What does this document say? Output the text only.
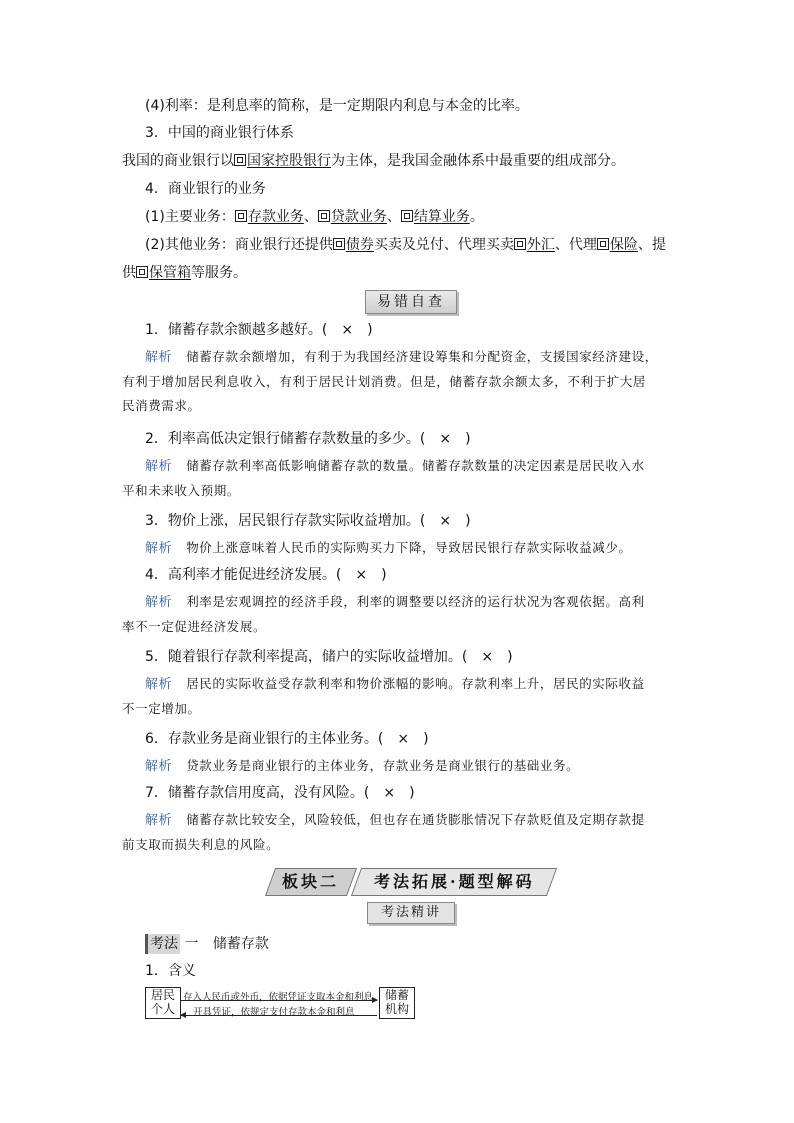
(4)利率：是利息率的简称，是一定期限内利息与本金的比率。
3．中国的商业银行体系
我国的商业银行以 国家控股银行为主体，是我国金融体系中最重要的组成部分。
4．商业银行的业务
(1)主要业务： 存款业务、 贷款业务、 结算业务。
(2)其他业务：商业银行还提供 债券买卖及兑付、代理买卖 外汇、代理 保险、提
供 保管箱等服务。
易错自查
1．储蓄存款余额越多越好。(　×　)
解析 储蓄存款余额增加，有利于为我国经济建设筹集和分配资金，支援国家经济建设，
有利于增加居民利息收入，有利于居民计划消费。但是，储蓄存款余额太多，不利于扩大居
民消费需求。
2．利率高低决定银行储蓄存款数量的多少。(　×　)
解析 储蓄存款利率高低影响储蓄存款的数量。储蓄存款数量的决定因素是居民收入水
平和未来收入预期。
3．物价上涨，居民银行存款实际收益增加。(　×　)
解析 物价上涨意味着人民币的实际购买力下降，导致居民银行存款实际收益减少。
4．高利率才能促进经济发展。(　×　)
解析 利率是宏观调控的经济手段，利率的调整要以经济的运行状况为客观依据。高利
率不一定促进经济发展。
5．随着银行存款利率提高，储户的实际收益增加。(　×　)
解析 居民的实际收益受存款利率和物价涨幅的影响。存款利率上升，居民的实际收益
不一定增加。
6．存款业务是商业银行的主体业务。(　×　)
解析 贷款业务是商业银行的主体业务，存款业务是商业银行的基础业务。
7．储蓄存款信用度高，没有风险。(　×　)
解析 储蓄存款比较安全，风险较低，但也存在通货膨胀情况下存款贬值及定期存款提
前支取而损失利息的风险。
板块二	考法拓展·题型解码
考法精讲
考法 一 储蓄存款
1．含义
居民
个人
存入人民币或外币，依据凭证支取本金和利息
开具凭证，依规定支付存款本金和利息
储蓄
机构
